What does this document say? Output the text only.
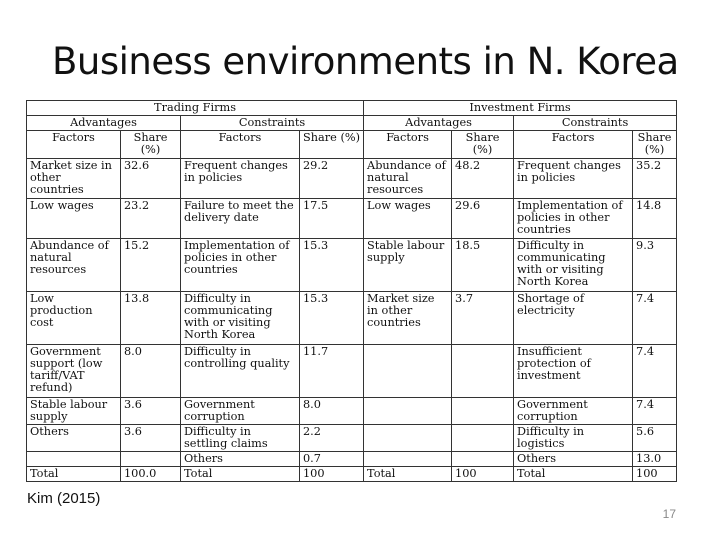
Business environments in N. Korea
Trading Firms				Investment Firms			
Advantages		Constraints		Advantages		Constraints	
Factors	Share (%)	Factors	Share (%)	Factors	Share (%)	Factors	Share (%)
Market size in other countries	32.6	Frequent changes in policies	29.2	Abundance of natural resources	48.2	Frequent changes in policies	35.2
Low wages	23.2	Failure to meet the delivery date	17.5	Low wages	29.6	Implementation of policies in other countries	14.8
Abundance of natural resources	15.2	Implementation of policies in other countries	15.3	Stable labour supply	18.5	Difficulty in communicating with or visiting North Korea	9.3
Low production cost	13.8	Difficulty in communicating with or visiting North Korea	15.3	Market size in other countries	3.7	Shortage of electricity	7.4
Government support (low tariff/VAT refund)	8.0	Difficulty in controlling quality	11.7			Insufficient protection of investment	7.4
Stable labour supply	3.6	Government corruption	8.0			Government corruption	7.4
Others	3.6	Difficulty in settling claims	2.2			Difficulty in logistics	5.6
		Others	0.7			Others	13.0
Total	100.0	Total	100	Total	100	Total	100
Kim (2015)
17
